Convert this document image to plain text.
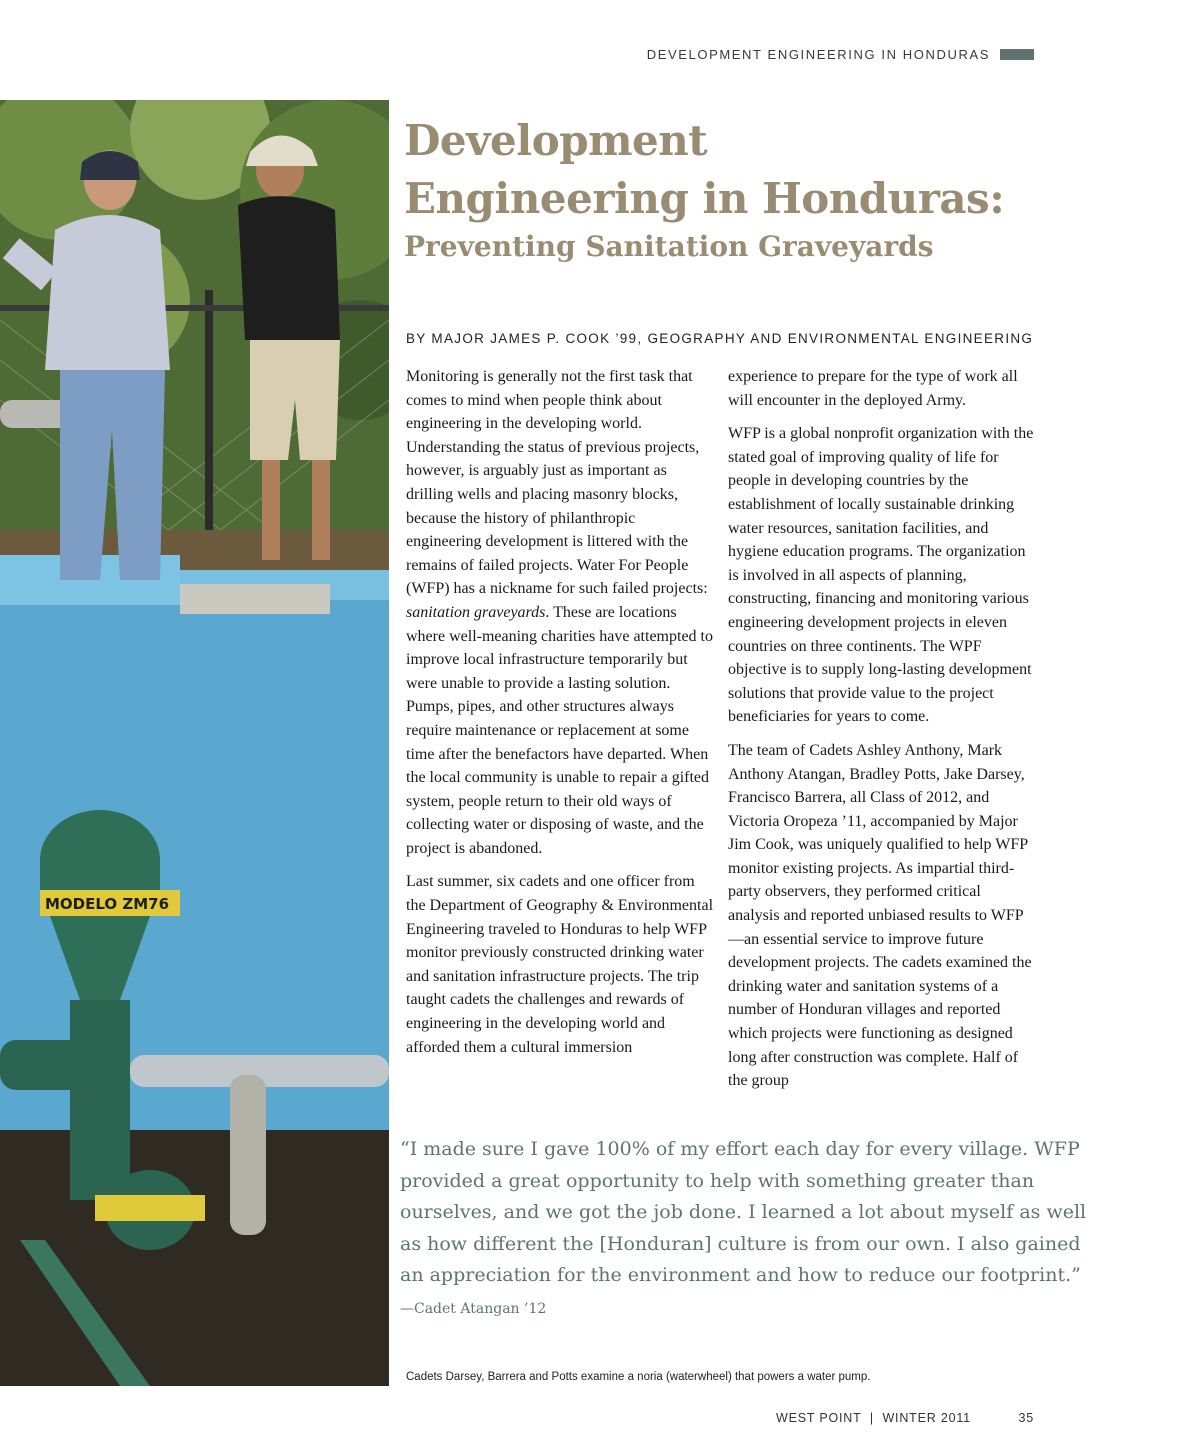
DEVELOPMENT ENGINEERING IN HONDURAS
MODELO ZM76
Development
Engineering in Honduras:
Preventing Sanitation Graveyards

BY MAJOR JAMES P. COOK ’99, GEOGRAPHY AND ENVIRONMENTAL ENGINEERING

Monitoring is generally not the first task that comes to mind when people think about engineering in the developing world. Understanding the status of previous projects, however, is arguably just as important as drilling wells and placing masonry blocks, because the history of philanthropic engineering development is littered with the remains of failed projects. Water For People (WFP) has a nickname for such failed projects: sanitation graveyards. These are locations where well-meaning charities have attempted to improve local infrastructure temporarily but were unable to provide a lasting solution. Pumps, pipes, and other structures always require maintenance or replacement at some time after the benefactors have departed. When the local community is unable to repair a gifted system, people return to their old ways of collecting water or disposing of waste, and the project is abandoned.

Last summer, six cadets and one officer from the Department of Geography & Environmental Engineering traveled to Honduras to help WFP monitor previously constructed drinking water and sanitation infrastructure projects. The trip taught cadets the challenges and rewards of engineering in the developing world and afforded them a cultural immersion

experience to prepare for the type of work all will encounter in the deployed Army.

WFP is a global nonprofit organization with the stated goal of improving quality of life for people in developing countries by the establishment of locally sustainable drinking water resources, sanitation facilities, and hygiene education programs. The organization is involved in all aspects of planning, constructing, financing and monitoring various engineering development projects in eleven countries on three continents. The WPF objective is to supply long-lasting development solutions that provide value to the project beneficiaries for years to come.

The team of Cadets Ashley Anthony, Mark Anthony Atangan, Bradley Potts, Jake Darsey, Francisco Barrera, all Class of 2012, and Victoria Oropeza ’11, accompanied by Major Jim Cook, was uniquely qualified to help WFP monitor existing projects. As impartial third-party observers, they performed critical analysis and reported unbiased results to WFP—an essential service to improve future development projects. The cadets examined the drinking water and sanitation systems of a number of Honduran villages and reported which projects were functioning as designed long after construction was complete. Half of the group

“I made sure I gave 100% of my effort each day for every village. WFP provided a great opportunity to help with something greater than ourselves, and we got the job done. I learned a lot about myself as well as how different the [Honduran] culture is from our own. I also gained an appreciation for the environment and how to reduce our footprint.” —Cadet Atangan ’12

Cadets Darsey, Barrera and Potts examine a noria (waterwheel) that powers a water pump.
WEST POINT  |  WINTER 2011	35
